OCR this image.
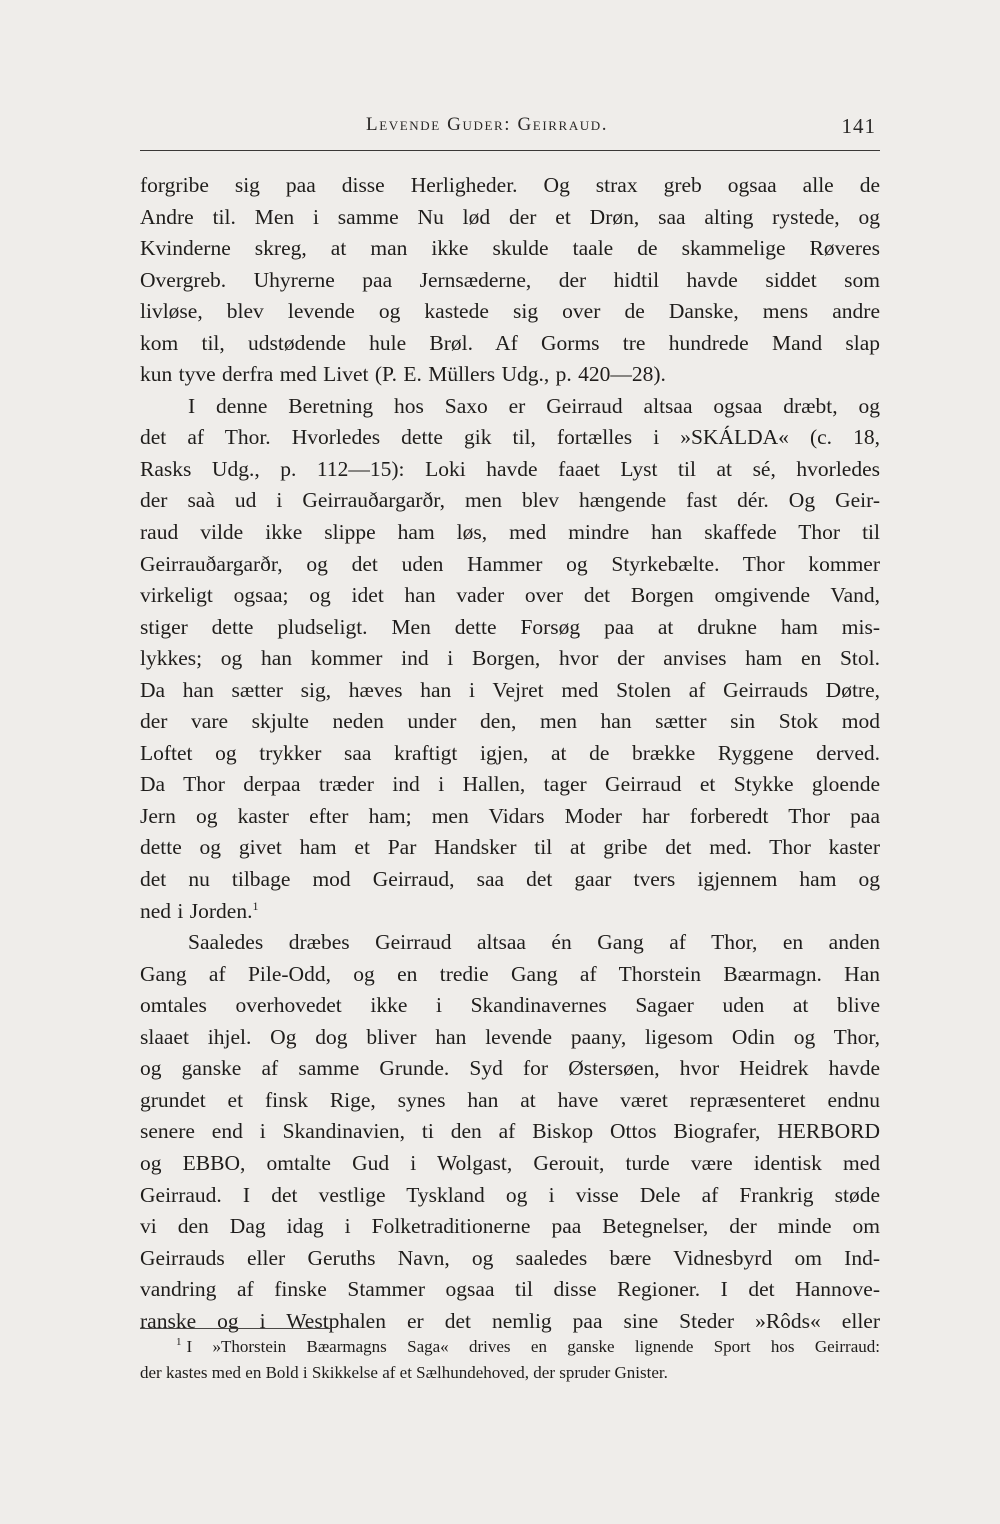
Levende Guder: Geirraud.	141
forgribe sig paa disse Herligheder. Og strax greb ogsaa alle de
Andre til. Men i samme Nu lød der et Drøn, saa alting rystede, og
Kvinderne skreg, at man ikke skulde taale de skammelige Røveres
Overgreb. Uhyrerne paa Jernsæderne, der hidtil havde siddet som
livløse, blev levende og kastede sig over de Danske, mens andre
kom til, udstødende hule Brøl. Af Gorms tre hundrede Mand slap
kun tyve derfra med Livet (P. E. Müllers Udg., p. 420—28).
I denne Beretning hos Saxo er Geirraud altsaa ogsaa dræbt, og
det af Thor. Hvorledes dette gik til, fortælles i »SKÁLDA« (c. 18,
Rasks Udg., p. 112—15): Loki havde faaet Lyst til at sé, hvorledes
der saà ud i Geirrauðargarðr, men blev hængende fast dér. Og Geir-
raud vilde ikke slippe ham løs, med mindre han skaffede Thor til
Geirrauðargarðr, og det uden Hammer og Styrkebælte. Thor kommer
virkeligt ogsaa; og idet han vader over det Borgen omgivende Vand,
stiger dette pludseligt. Men dette Forsøg paa at drukne ham mis-
lykkes; og han kommer ind i Borgen, hvor der anvises ham en Stol.
Da han sætter sig, hæves han i Vejret med Stolen af Geirrauds Døtre,
der vare skjulte neden under den, men han sætter sin Stok mod
Loftet og trykker saa kraftigt igjen, at de brække Ryggene derved.
Da Thor derpaa træder ind i Hallen, tager Geirraud et Stykke gloende
Jern og kaster efter ham; men Vidars Moder har forberedt Thor paa
dette og givet ham et Par Handsker til at gribe det med. Thor kaster
det nu tilbage mod Geirraud, saa det gaar tvers igjennem ham og
ned i Jorden.$^1$
Saaledes dræbes Geirraud altsaa én Gang af Thor, en anden
Gang af Pile-Odd, og en tredie Gang af Thorstein Bæarmagn. Han
omtales overhovedet ikke i Skandinavernes Sagaer uden at blive
slaaet ihjel. Og dog bliver han levende paany, ligesom Odin og Thor,
og ganske af samme Grunde. Syd for Østersøen, hvor Heidrek havde
grundet et finsk Rige, synes han at have været repræsenteret endnu
senere end i Skandinavien, ti den af Biskop Ottos Biografer, HERBORD
og EBBO, omtalte Gud i Wolgast, Gerouit, turde være identisk med
Geirraud. I det vestlige Tyskland og i visse Dele af Frankrig støde
vi den Dag idag i Folketraditionerne paa Betegnelser, der minde om
Geirrauds eller Geruths Navn, og saaledes bære Vidnesbyrd om Ind-
vandring af finske Stammer ogsaa til disse Regioner. I det Hannove-
ranske og i Westphalen er det nemlig paa sine Steder »Rôds« eller
$^1$ I »Thorstein Bæarmagns Saga« drives en ganske lignende Sport hos Geirraud:
der kastes med en Bold i Skikkelse af et Sælhundehoved, der spruder Gnister.
